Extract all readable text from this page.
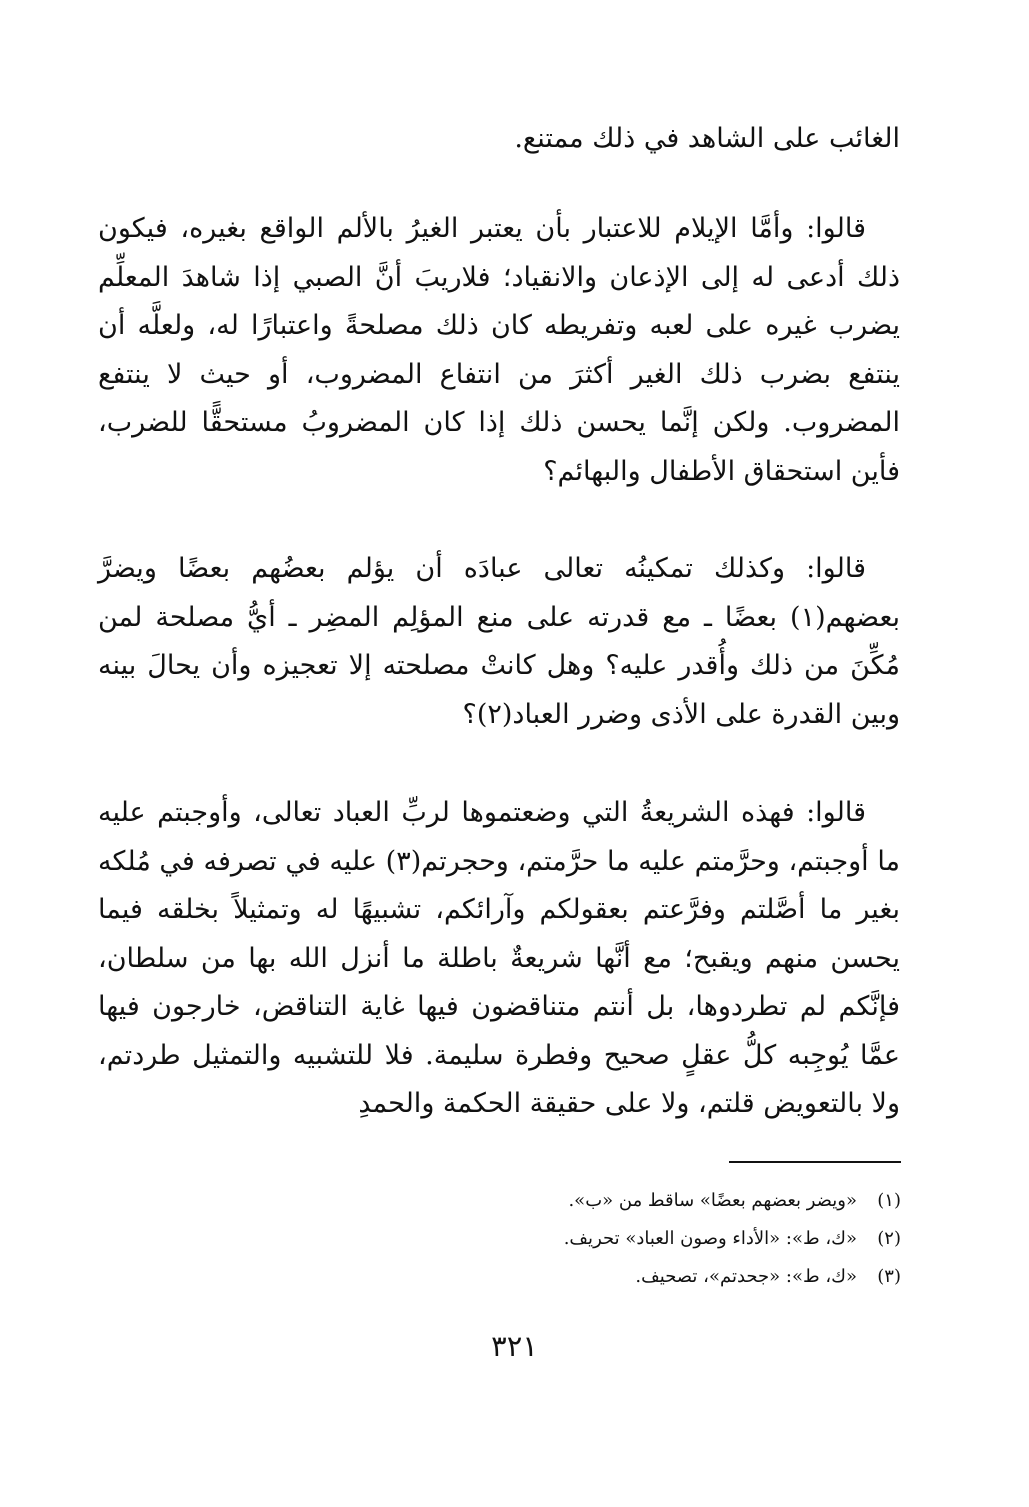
الغائب على الشاهد في ذلك ممتنع.

قالوا: وأمَّا الإيلام للاعتبار بأن يعتبر الغيرُ بالألم الواقع بغيره، فيكون ذلك أدعى له إلى الإذعان والانقياد؛ فلاريبَ أنَّ الصبي إذا شاهدَ المعلِّم يضرب غيره على لعبه وتفريطه كان ذلك مصلحةً واعتبارًا له، ولعلَّه أن ينتفع بضرب ذلك الغير أكثرَ من انتفاع المضروب، أو حيث لا ينتفع المضروب. ولكن إنَّما يحسن ذلك إذا كان المضروبُ مستحقًّا للضرب، فأين استحقاق الأطفال والبهائم؟

قالوا: وكذلك تمكينُه تعالى عبادَه أن يؤلم بعضُهم بعضًا ويضرَّ بعضهم(١) بعضًا ـ مع قدرته على منع المؤلِم المضِر ـ أيُّ مصلحة لمن مُكِّنَ من ذلك وأُقدر عليه؟ وهل كانتْ مصلحته إلا تعجيزه وأن يحالَ بينه وبين القدرة على الأذى وضرر العباد(٢)؟

قالوا: فهذه الشريعةُ التي وضعتموها لربِّ العباد تعالى، وأوجبتم عليه ما أوجبتم، وحرَّمتم عليه ما حرَّمتم، وحجرتم(٣) عليه في تصرفه في مُلكه بغير ما أصَّلتم وفرَّعتم بعقولكم وآرائكم، تشبيهًا له وتمثيلاً بخلقه فيما يحسن منهم ويقبح؛ مع أنَّها شريعةٌ باطلة ما أنزل الله بها من سلطان، فإنَّكم لم تطردوها، بل أنتم متناقضون فيها غاية التناقض، خارجون فيها عمَّا يُوجِبه كلُّ عقلٍ صحيح وفطرة سليمة. فلا للتشبيه والتمثيل طردتم، ولا بالتعويض قلتم، ولا على حقيقة الحكمة والحمدِ

(١)
«ويضر بعضهم بعضًا» ساقط من «ب».
(٢)
«ك، ط»: «الأداء وصون العباد» تحريف.
(٣)
«ك، ط»: «جحدتم»، تصحيف.
٣٢١
